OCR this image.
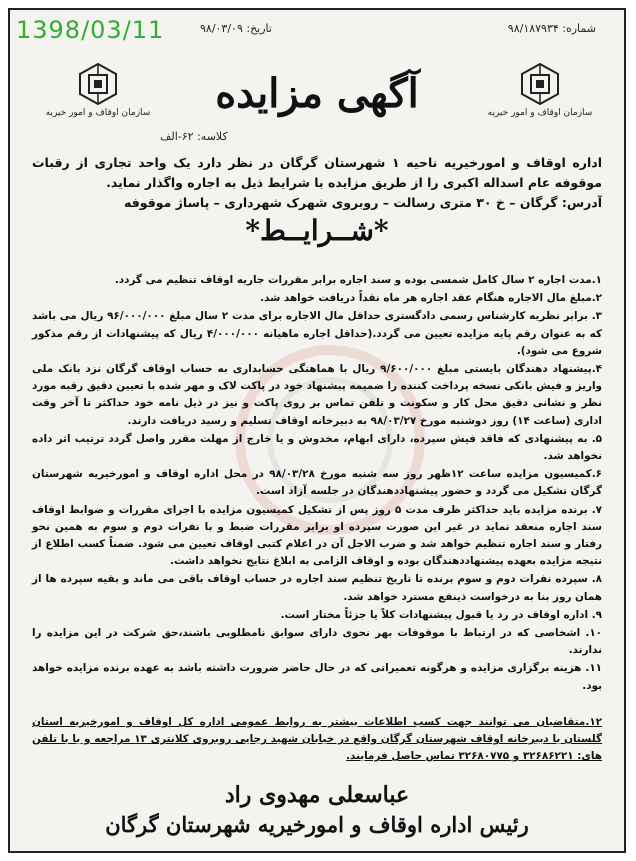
1398/03/11	تاریخ: ۹۸/۰۳/۰۹	شماره: ۹۸/۱۸۷۹۳۴
سازمان اوقاف و امور خیریه	سازمان اوقاف و امور خیریه
آگهی مزایده
کلاسه: ۶۲-الف
اداره اوقاف و امورخیریه ناحیه ۱ شهرستان گرگان در نظر دارد یک واحد تجاری از رقبات موقوفه عام اسداله اکبری را از طریق مزایده با شرایط ذیل به اجاره واگذار نماید.
آدرس: گرگان – خ ۳۰ متری رسالت – روبروی شهرک شهرداری – پاساژ موقوفه
*شــرایــط*

۱.مدت اجاره ۲ سال کامل شمسی بوده و سند اجاره برابر مقررات جاریه اوقاف تنظیم می گردد.

۲.مبلغ مال الاجاره هنگام عقد اجاره هر ماه نقداً دریافت خواهد شد.

۳. برابر نظریه کارشناس رسمی دادگستری حداقل مال الاجاره برای مدت ۲ سال مبلغ ۹۶/۰۰۰/۰۰۰ ریال می باشد که به عنوان رقم پایه مزایده تعیین می گردد.(حداقل اجاره ماهیانه ۴/۰۰۰/۰۰۰ ریال که پیشنهادات از رقم مذکور شروع می شود).

۴.پیشنهاد دهندگان بایستی مبلغ ۹/۶۰۰/۰۰۰ ریال با هماهنگی حسابداری به حساب اوقاف گرگان نزد بانک ملی واریز و فیش بانکی نسخه پرداخت کننده را ضمیمه پیشنهاد خود در پاکت لاک و مهر شده با تعیین دقیق رقبه مورد نظر و نشانی دقیق محل کار و سکونت و تلفن تماس بر روی پاکت و نیز در ذیل نامه خود حداکثر تا آخر وقت اداری (ساعت ۱۴) روز دوشنبه مورخ ۹۸/۰۳/۲۷ به دبیرخانه اوقاف تسلیم و رسید دریافت دارند.

۵. به پیشنهادی که فاقد فیش سپرده، دارای ابهام، مخدوش و یا خارج از مهلت مقرر واصل گردد ترتیب اثر داده نخواهد شد.

۶.کمیسیون مزایده ساعت ۱۲ظهر روز سه شنبه مورخ ۹۸/۰۳/۲۸ در محل اداره اوقاف و امورخیریه شهرستان گرگان تشکیل می گردد و حضور پیشنهاددهندگان در جلسه آزاد است.

۷. برنده مزایده باید حداکثر ظرف مدت ۵ روز پس از تشکیل کمیسیون مزایده با اجرای مقررات و ضوابط اوقاف سند اجاره منعقد نماید در غیر این صورت سپرده او برابر مقررات ضبط و با نفرات دوم و سوم به همین نحو رفتار و سند اجاره تنظیم خواهد شد و ضرب الاجل آن در اعلام کتبی اوقاف تعیین می شود. ضمناً کسب اطلاع از نتیجه مزایده بعهده پیشنهاددهندگان بوده و اوقاف الزامی به ابلاغ نتایج نخواهد داشت.

۸. سپرده نفرات دوم و سوم برنده تا تاریخ تنظیم سند اجاره در حساب اوقاف باقی می ماند و بقیه سپرده ها از همان روز بنا به درخواست ذینفع مسترد خواهد شد.

۹. اداره اوقاف در رد یا قبول پیشنهادات کلاً یا جزئاً مختار است.

۱۰. اشخاصی که در ارتباط با موقوفات بهر نحوی دارای سوابق نامطلوبی باشند،حق شرکت در این مزایده را ندارند.

۱۱. هزینه برگزاری مزایده و هرگونه تعمیراتی که در حال حاضر ضرورت داشته باشد به عهده برنده مزایده خواهد بود.

۱۲.متقاضیان می توانند جهت کسب اطلاعات بیشتر به روابط عمومی اداره کل اوقاف و امورخیریه استان گلستان یا دبیرخانه اوقاف شهرستان گرگان واقع در خیابان شهید رجایی روبروی کلانتری ۱۳ مراجعه و یا با تلفن های: ۳۲۶۸۶۲۲۱ و ۳۲۶۸۰۷۷۵ تماس حاصل فرمایند.
عباسعلی مهدوی راد
رئیس اداره اوقاف و امورخیریه شهرستان گرگان
